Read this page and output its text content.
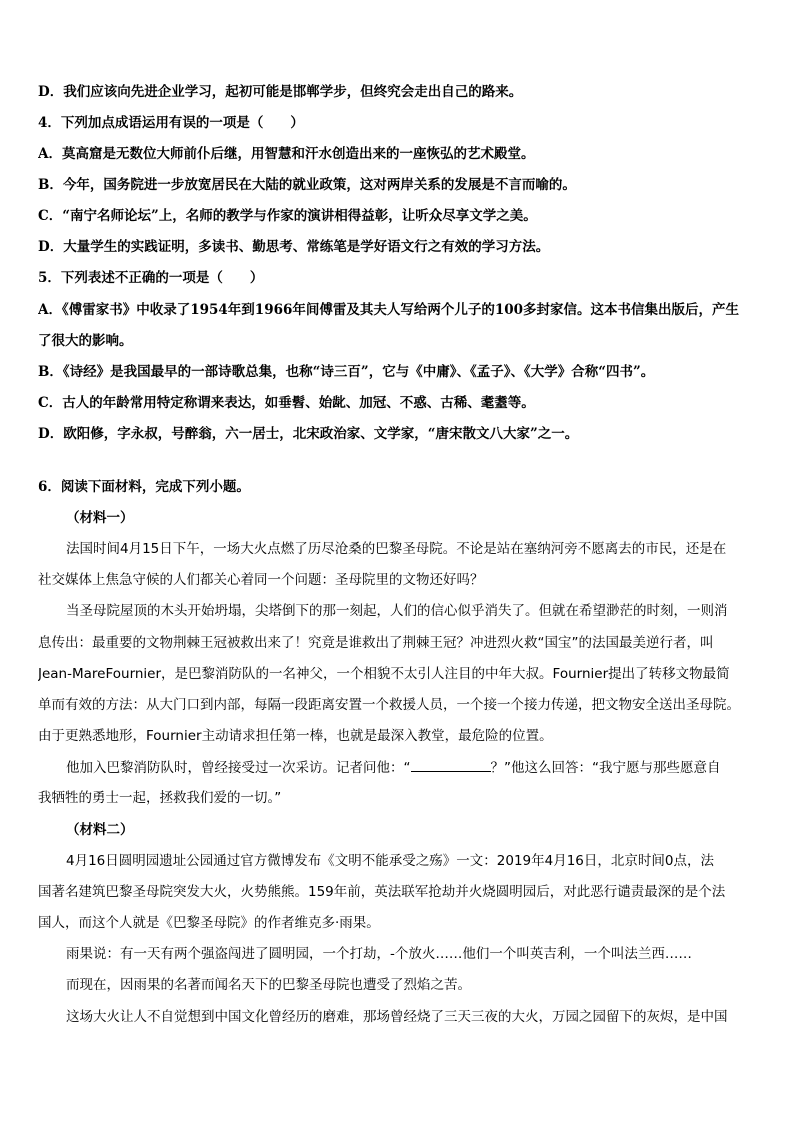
D．我们应该向先进企业学习，起初可能是邯郸学步，但终究会走出自己的路来。
4．下列加点成语运用有误的一项是（　　）
A．莫高窟是无数位大师前仆后继，用智慧和汗水创造出来的一座恢弘的艺术殿堂。
B．今年，国务院进一步放宽居民在大陆的就业政策，这对两岸关系的发展是不言而喻的。
C．“南宁名师论坛”上，名师的教学与作家的演讲相得益彰，让听众尽享文学之美。
D．大量学生的实践证明，多读书、勤思考、常练笔是学好语文行之有效的学习方法。
5．下列表述不正确的一项是（　　）
A．《傅雷家书》中收录了1954年到1966年间傅雷及其夫人写给两个儿子的100多封家信。这本书信集出版后，产生
了很大的影响。
B．《诗经》是我国最早的一部诗歌总集，也称“诗三百”，它与《中庸》、《孟子》、《大学》合称“四书”。
C．古人的年龄常用特定称谓来表达，如垂髫、始龀、加冠、不惑、古稀、耄耋等。
D．欧阳修，字永叔，号醉翁，六一居士，北宋政治家、文学家，“唐宋散文八大家”之一。
6．阅读下面材料，完成下列小题。
（材料一）
法国时间4月15日下午，一场大火点燃了历尽沧桑的巴黎圣母院。不论是站在塞纳河旁不愿离去的市民，还是在
社交媒体上焦急守候的人们都关心着同一个问题：圣母院里的文物还好吗？
当圣母院屋顶的木头开始坍塌，尖塔倒下的那一刻起，人们的信心似乎消失了。但就在希望渺茫的时刻，一则消
息传出：最重要的文物荆棘王冠被救出来了！究竟是谁救出了荆棘王冠？冲进烈火救“国宝”的法国最美逆行者，叫
Jean-MareFournier，是巴黎消防队的一名神父，一个相貌不太引人注目的中年大叔。Fournier提出了转移文物最简
单而有效的方法：从大门口到内部，每隔一段距离安置一个救援人员，一个接一个接力传递，把文物安全送出圣母院。
由于更熟悉地形，Fournier主动请求担任第一棒，也就是最深入教堂，最危险的位置。
他加入巴黎消防队时，曾经接受过一次采访。记者问他：“	？”他这么回答：“我宁愿与那些愿意自
我牺牲的勇士一起，拯救我们爱的一切。”
（材料二）
4月16日圆明园遗址公园通过官方微博发布《文明不能承受之殇》一文：2019年4月16日，北京时间0点，法
国著名建筑巴黎圣母院突发大火，火势熊熊。159年前，英法联军抢劫并火烧圆明园后，对此恶行谴责最深的是个法
国人，而这个人就是《巴黎圣母院》的作者维克多·雨果。
雨果说：有一天有两个强盗闯进了圆明园，一个打劫，-个放火……他们一个叫英吉利，一个叫法兰西……
而现在，因雨果的名著而闻名天下的巴黎圣母院也遭受了烈焰之苦。
这场大火让人不自觉想到中国文化曾经历的磨难，那场曾经烧了三天三夜的大火，万园之园留下的灰烬，是中国
